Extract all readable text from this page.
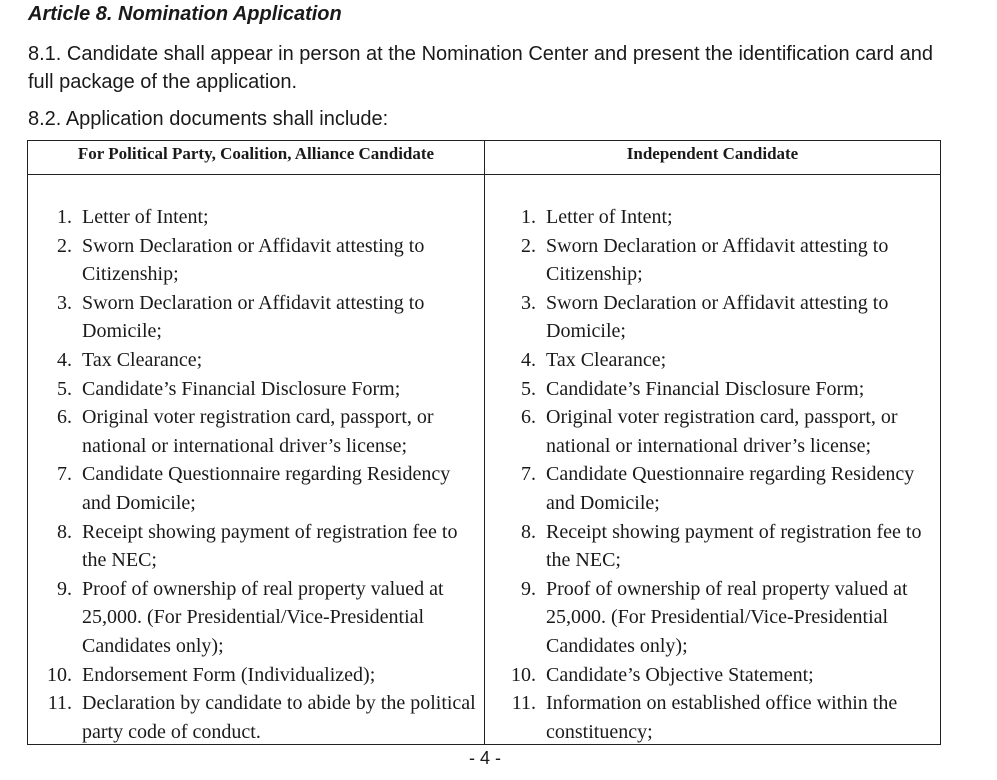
Article 8. Nomination Application

8.1. Candidate shall appear in person at the Nomination Center and present the identification card and full package of the application.

8.2. Application documents shall include:

For Political Party, Coalition, Alliance Candidate
1. Letter of Intent;
2. Sworn Declaration or Affidavit attesting to Citizenship;
3. Sworn Declaration or Affidavit attesting to Domicile;
4. Tax Clearance;
5. Candidate’s Financial Disclosure Form;
6. Original voter registration card, passport, or national or international driver’s license;
7. Candidate Questionnaire regarding Residency and Domicile;
8. Receipt showing payment of registration fee to the NEC;
9. Proof of ownership of real property valued at 25,000. (For Presidential/Vice-Presidential Candidates only);
10. Endorsement Form (Individualized);
11. Declaration by candidate to abide by the political party code of conduct.
Independent Candidate
1. Letter of Intent;
2. Sworn Declaration or Affidavit attesting to Citizenship;
3. Sworn Declaration or Affidavit attesting to Domicile;
4. Tax Clearance;
5. Candidate’s Financial Disclosure Form;
6. Original voter registration card, passport, or national or international driver’s license;
7. Candidate Questionnaire regarding Residency and Domicile;
8. Receipt showing payment of registration fee to the NEC;
9. Proof of ownership of real property valued at 25,000. (For Presidential/Vice-Presidential Candidates only);
10. Candidate’s Objective Statement;
11. Information on established office within the constituency;

- 4 -
